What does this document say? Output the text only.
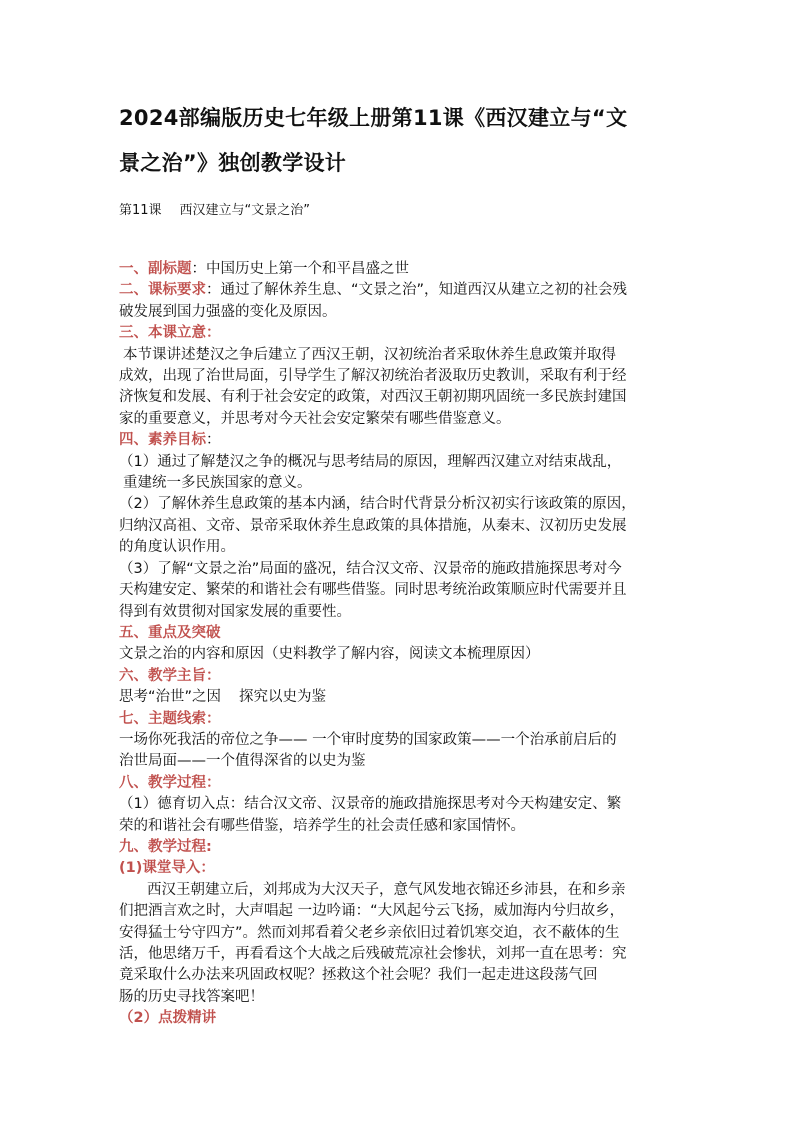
2024部编版历史七年级上册第11课《西汉建立与“文
景之治”》独创教学设计

第11课 西汉建立与“文景之治”

一、副标题：中国历史上第一个和平昌盛之世

二、课标要求：通过了解休养生息、“文景之治”，知道西汉从建立之初的社会残

破发展到国力强盛的变化及原因。

三、本课立意：

本节课讲述楚汉之争后建立了西汉王朝，汉初统治者采取休养生息政策并取得

成效，出现了治世局面，引导学生了解汉初统治者汲取历史教训，采取有利于经

济恢复和发展、有利于社会安定的政策，对西汉王朝初期巩固统一多民族封建国

家的重要意义，并思考对今天社会安定繁荣有哪些借鉴意义。

四、素养目标：

（1）通过了解楚汉之争的概况与思考结局的原因，理解西汉建立对结束战乱，

重建统一多民族国家的意义。

（2）了解休养生息政策的基本内涵，结合时代背景分析汉初实行该政策的原因，

归纳汉高祖、文帝、景帝采取休养生息政策的具体措施，从秦末、汉初历史发展

的角度认识作用。

（3）了解“文景之治”局面的盛况，结合汉文帝、汉景帝的施政措施探思考对今

天构建安定、繁荣的和谐社会有哪些借鉴。同时思考统治政策顺应时代需要并且

得到有效贯彻对国家发展的重要性。

五、重点及突破

文景之治的内容和原因（史料教学了解内容，阅读文本梳理原因）

六、教学主旨：

思考“治世”之因 探究以史为鉴

七、主题线索：

一场你死我活的帝位之争—— 一个审时度势的国家政策——一个治承前启后的

治世局面——一个值得深省的以史为鉴

八、教学过程：

（1）德育切入点：结合汉文帝、汉景帝的施政措施探思考对今天构建安定、繁

荣的和谐社会有哪些借鉴，培养学生的社会责任感和家国情怀。

九、教学过程:

(1)课堂导入：

西汉王朝建立后，刘邦成为大汉天子，意气风发地衣锦还乡沛县，在和乡亲

们把酒言欢之时，大声唱起 一边吟诵：“大风起兮云飞扬，威加海内兮归故乡，

安得猛士兮守四方”。然而刘邦看着父老乡亲依旧过着饥寒交迫，衣不蔽体的生

活，他思绪万千，再看看这个大战之后残破荒凉社会惨状，刘邦一直在思考：究

竟采取什么办法来巩固政权呢？拯救这个社会呢？我们一起走进这段荡气回

肠的历史寻找答案吧！

（2）点拨精讲
